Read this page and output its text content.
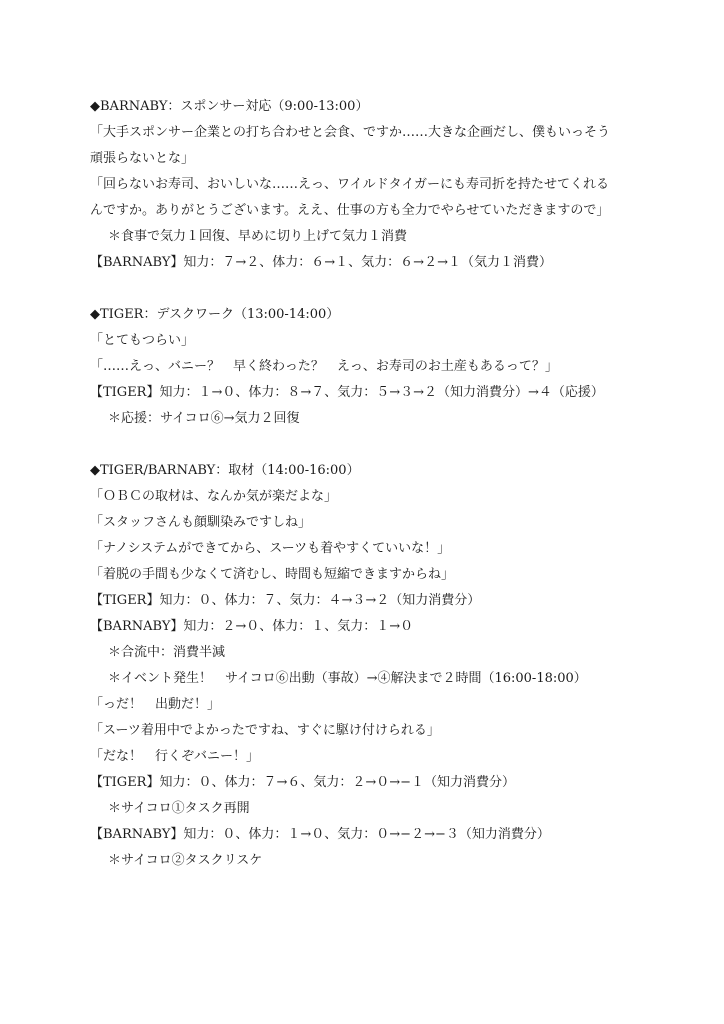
◆BARNABY：スポンサー対応（9:00-13:00）
「大手スポンサー企業との打ち合わせと会食、ですか……大きな企画だし、僕もいっそう
頑張らないとな」
「回らないお寿司、おいしいな……えっ、ワイルドタイガーにも寿司折を持たせてくれる
んですか。ありがとうございます。ええ、仕事の方も全力でやらせていただきますので」
＊食事で気力１回復、早めに切り上げて気力１消費
【BARNABY】知力：７→２、体力：６→１、気力：６→２→１（気力１消費）
◆TIGER：デスクワーク（13:00-14:00）
「とてもつらい」
「……えっ、バニー？　早く終わった？　えっ、お寿司のお土産もあるって？」
【TIGER】知力：１→０、体力：８→７、気力：５→３→２（知力消費分）→４（応援）
＊応援：サイコロ⑥→気力２回復
◆TIGER/BARNABY：取材（14:00-16:00）
「ＯＢＣの取材は、なんか気が楽だよな」
「スタッフさんも顔馴染みですしね」
「ナノシステムができてから、スーツも着やすくていいな！」
「着脱の手間も少なくて済むし、時間も短縮できますからね」
【TIGER】知力：０、体力：７、気力：４→３→２（知力消費分）
【BARNABY】知力：２→０、体力：１、気力：１→０
＊合流中：消費半減
＊イベント発生！　サイコロ⑥出動（事故）→④解決まで２時間（16:00-18:00）
「っだ！　出動だ！」
「スーツ着用中でよかったですね、すぐに駆け付けられる」
「だな！　行くぞバニー！」
【TIGER】知力：０、体力：７→６、気力：２→０→−１（知力消費分）
＊サイコロ①タスク再開
【BARNABY】知力：０、体力：１→０、気力：０→−２→−３（知力消費分）
＊サイコロ②タスクリスケ
